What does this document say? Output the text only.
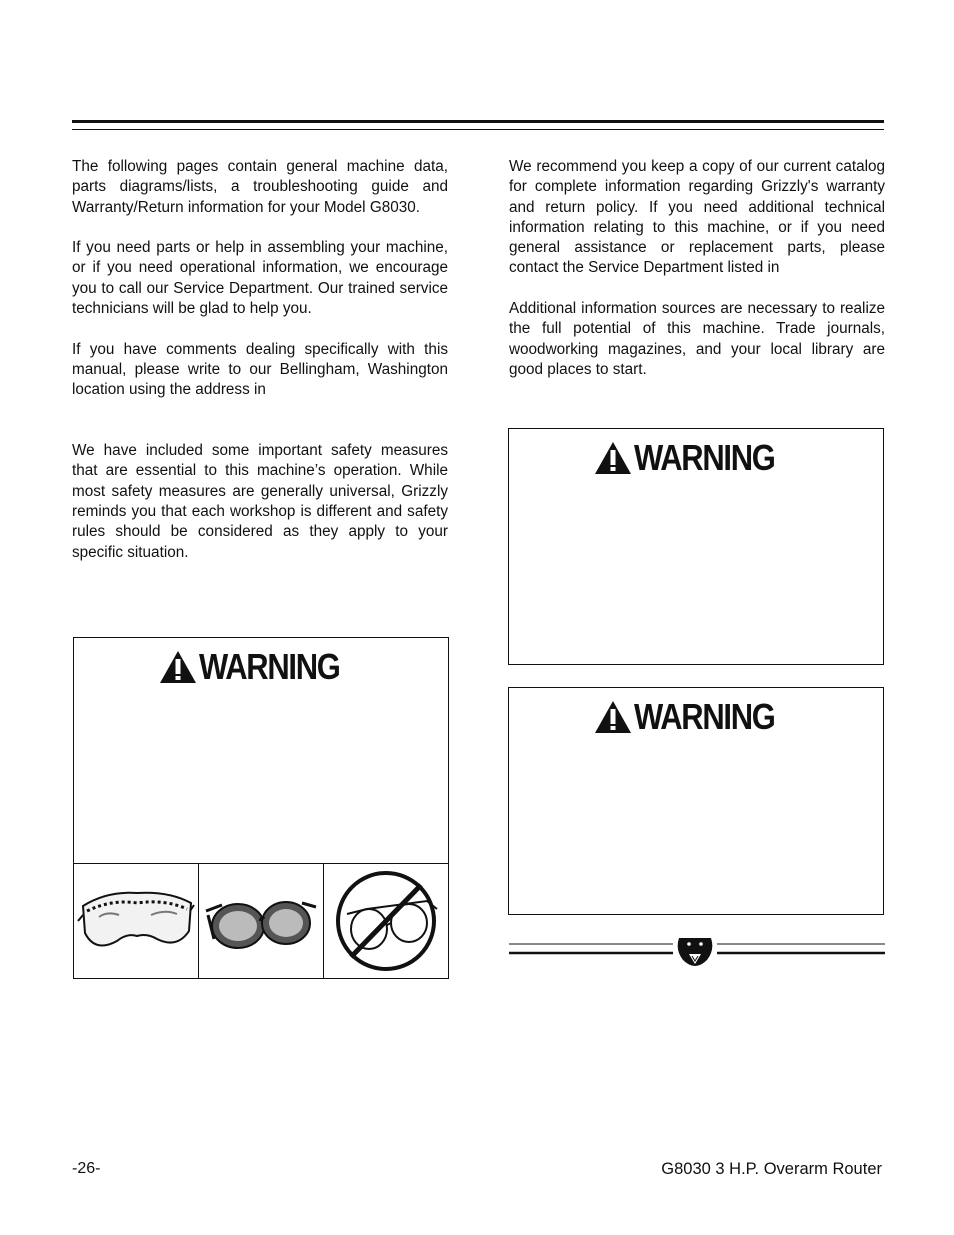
The following pages contain general machine data, parts diagrams/lists, a troubleshooting guide and Warranty/Return information for your Model G8030.

If you need parts or help in assembling your machine, or if you need operational information, we encourage you to call our Service Department. Our trained service technicians will be glad to help you.

If you have comments dealing specifically with this manual, please write to our Bellingham, Washington location using the address in

We have included some important safety measures that are essential to this machine’s operation. While most safety measures are generally universal, Grizzly reminds you that each workshop is different and safety rules should be considered as they apply to your specific situation.

We recommend you keep a copy of our current catalog for complete information regarding Grizzly's warranty and return policy. If you need additional technical information relating to this machine, or if you need general assistance or replacement parts, please contact the Service Department listed in

Additional information sources are necessary to realize the full potential of this machine. Trade journals, woodworking magazines, and your local library are good places to start.

WARNING
WARNING
WARNING
-26-	G8030 3 H.P. Overarm Router
